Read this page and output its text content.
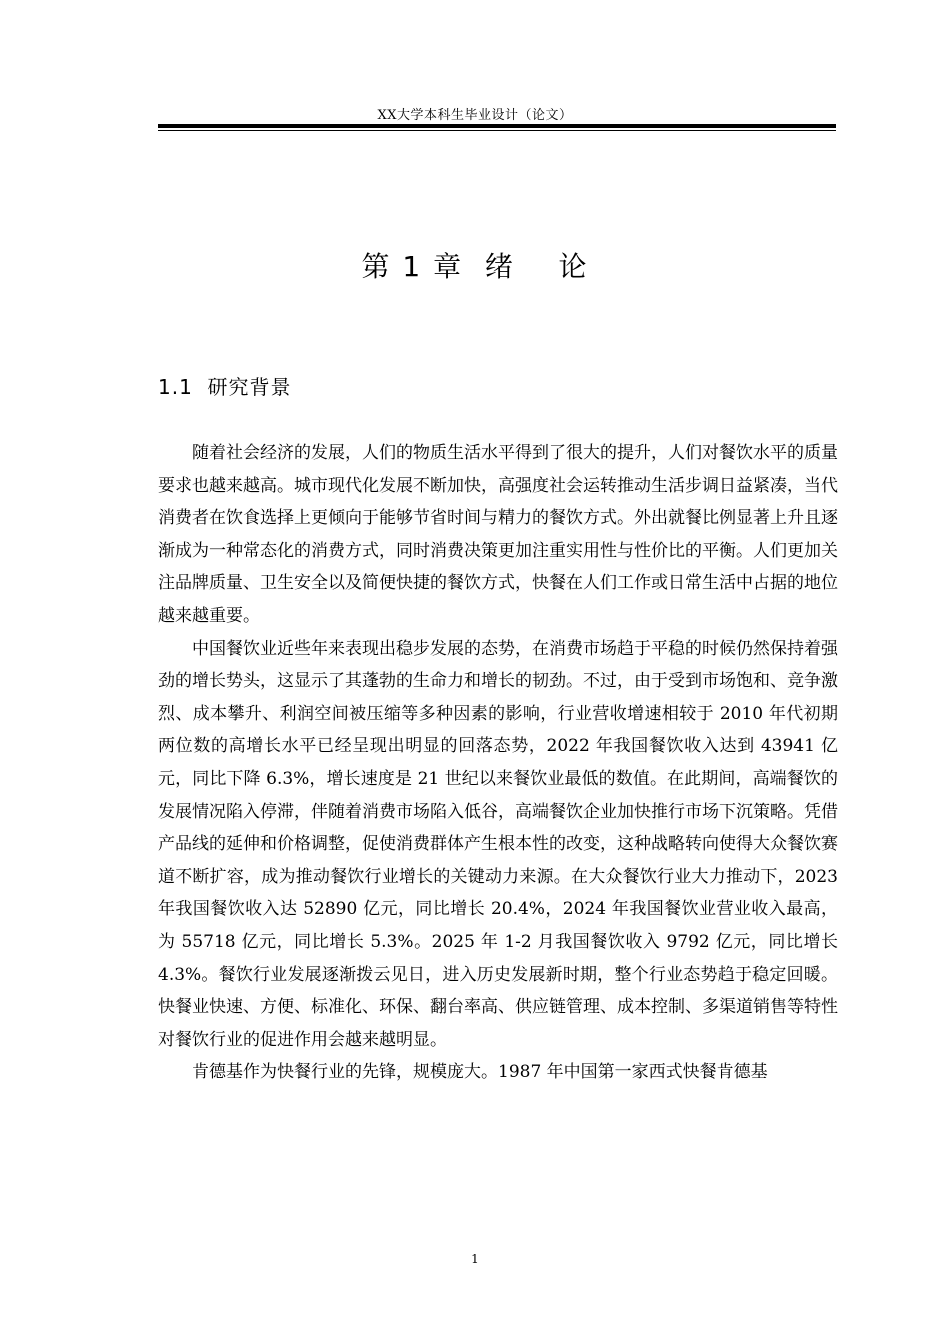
XX大学本科生毕业设计（论文）
第 1 章  绪    论
1.1  研究背景

随着社会经济的发展，人们的物质生活水平得到了很大的提升，人们对餐饮水平的质量要求也越来越高。城市现代化发展不断加快，高强度社会运转推动生活步调日益紧凑，当代消费者在饮食选择上更倾向于能够节省时间与精力的餐饮方式。外出就餐比例显著上升且逐渐成为一种常态化的消费方式，同时消费决策更加注重实用性与性价比的平衡。人们更加关注品牌质量、卫生安全以及简便快捷的餐饮方式，快餐在人们工作或日常生活中占据的地位越来越重要。

中国餐饮业近些年来表现出稳步发展的态势，在消费市场趋于平稳的时候仍然保持着强劲的增长势头，这显示了其蓬勃的生命力和增长的韧劲。不过，由于受到市场饱和、竞争激烈、成本攀升、利润空间被压缩等多种因素的影响，行业营收增速相较于 2010 年代初期两位数的高增长水平已经呈现出明显的回落态势，2022 年我国餐饮收入达到 43941 亿元，同比下降 6.3%，增长速度是 21 世纪以来餐饮业最低的数值。在此期间，高端餐饮的发展情况陷入停滞，伴随着消费市场陷入低谷，高端餐饮企业加快推行市场下沉策略。凭借产品线的延伸和价格调整，促使消费群体产生根本性的改变，这种战略转向使得大众餐饮赛道不断扩容，成为推动餐饮行业增长的关键动力来源。在大众餐饮行业大力推动下，2023 年我国餐饮收入达 52890 亿元，同比增长 20.4%，2024 年我国餐饮业营业收入最高，为 55718 亿元，同比增长 5.3%。2025 年 1-2 月我国餐饮收入 9792 亿元，同比增长 4.3%。餐饮行业发展逐渐拨云见日，进入历史发展新时期，整个行业态势趋于稳定回暖。快餐业快速、方便、标准化、环保、翻台率高、供应链管理、成本控制、多渠道销售等特性对餐饮行业的促进作用会越来越明显。

肯德基作为快餐行业的先锋，规模庞大。1987 年中国第一家西式快餐肯德基

1
